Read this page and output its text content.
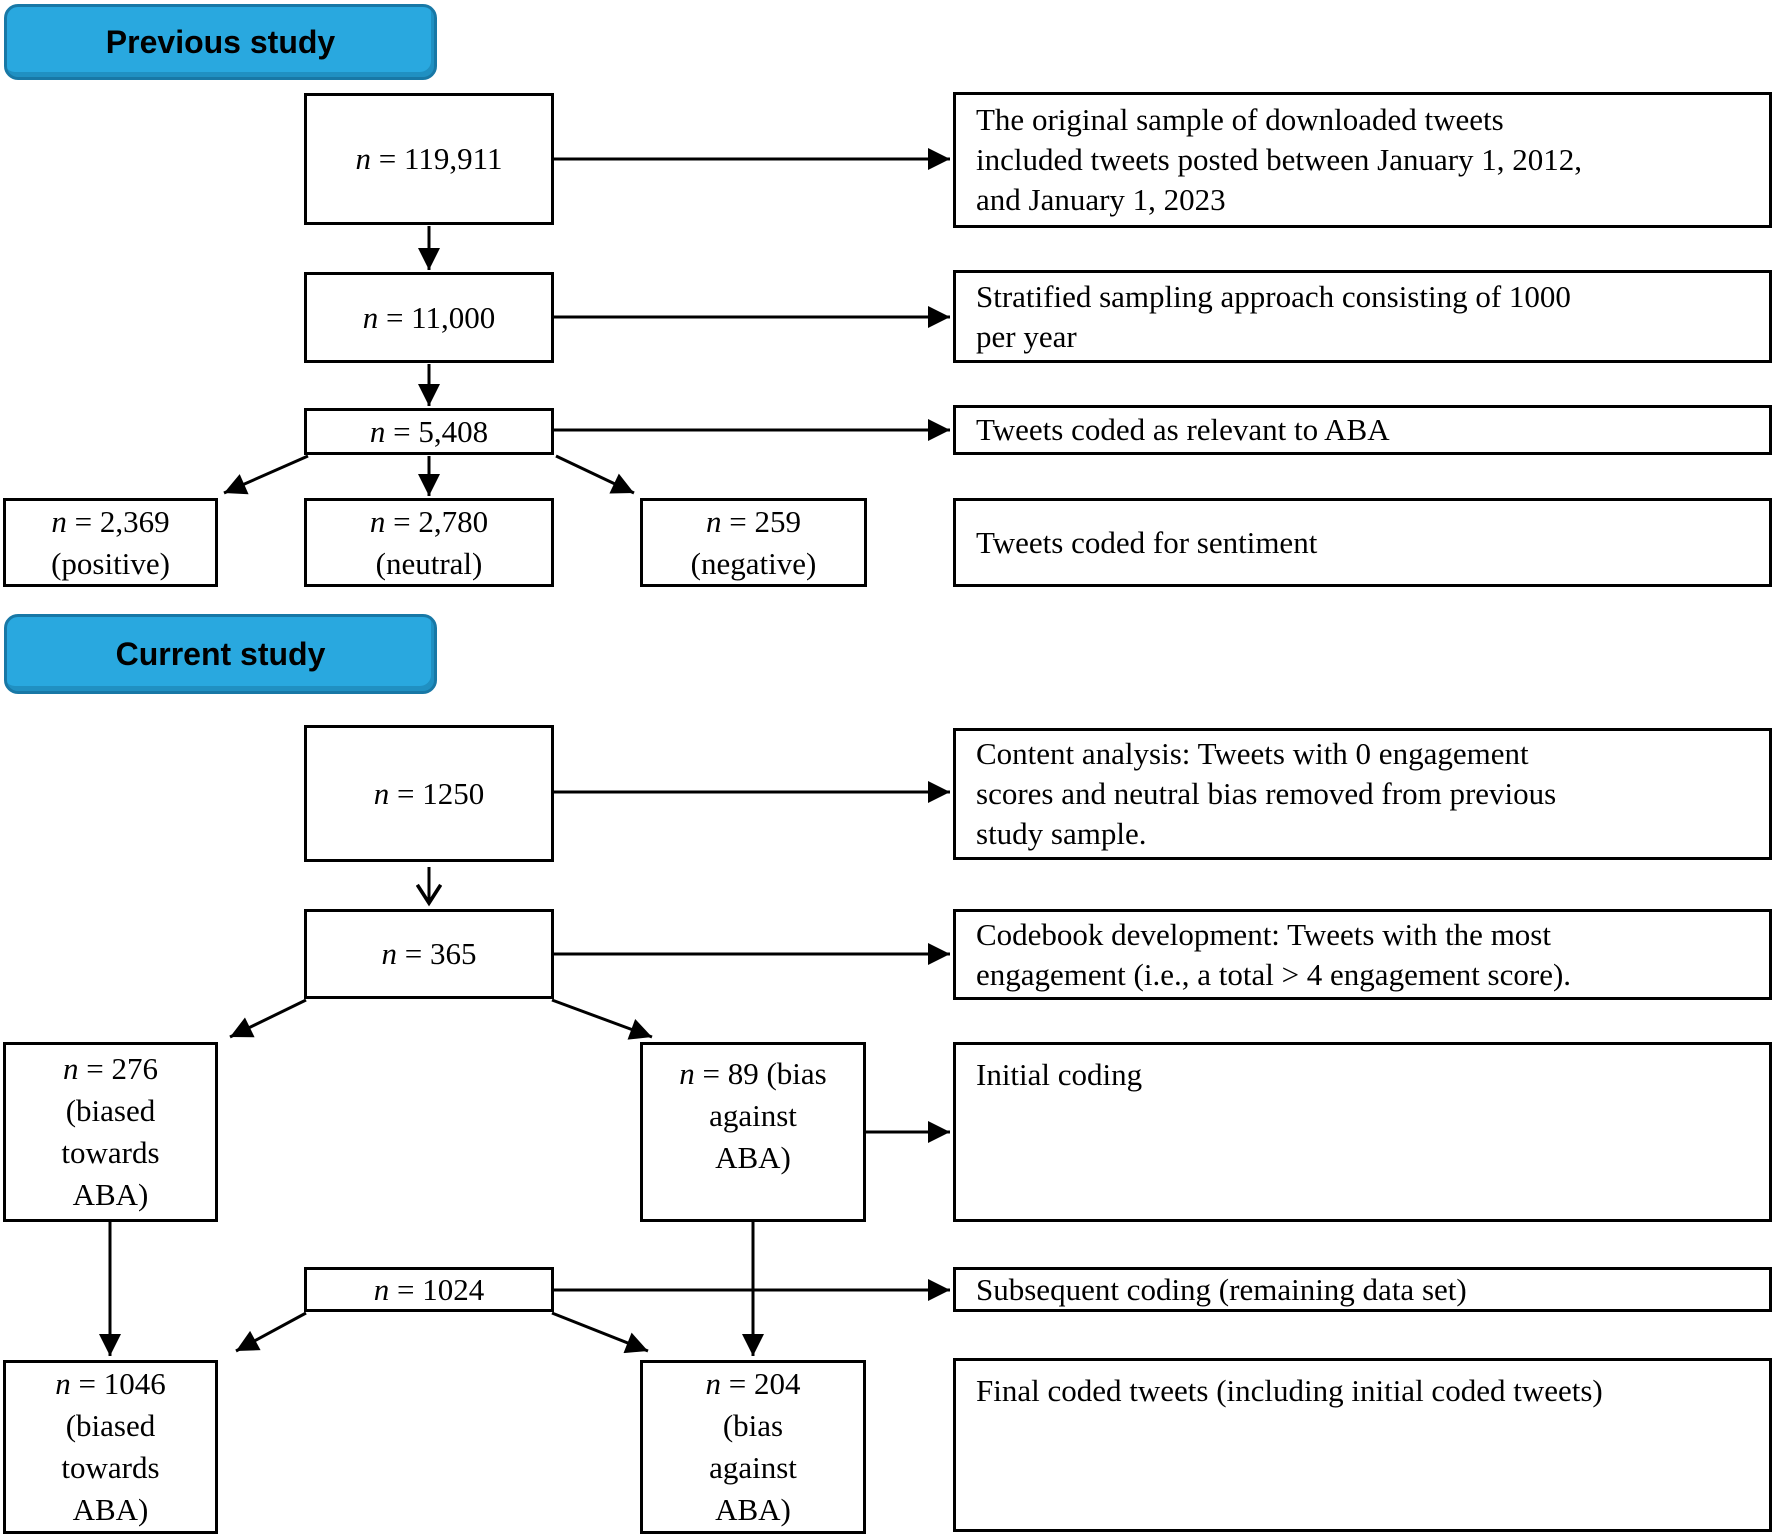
Previous study
Current study
n = 119,911
n = 11,000
n = 5,408
n = 2,369
(positive)
n = 2,780
(neutral)
n = 259
(negative)
The original sample of downloaded tweets
included tweets posted between January 1, 2012,
and January 1, 2023
Stratified sampling approach consisting of 1000
per year
Tweets coded as relevant to ABA
Tweets coded for sentiment
n = 1250
n = 365
n = 276
(biased
towards
ABA)
n = 89 (bias
against
ABA)
n = 1024
n = 1046
(biased
towards
ABA)
n = 204
(bias
against
ABA)
Content analysis: Tweets with 0 engagement
scores and neutral bias removed from previous
study sample.
Codebook development: Tweets with the most
engagement (i.e., a total > 4 engagement score).
Initial coding
Subsequent coding (remaining data set)
Final coded tweets (including initial coded tweets)
